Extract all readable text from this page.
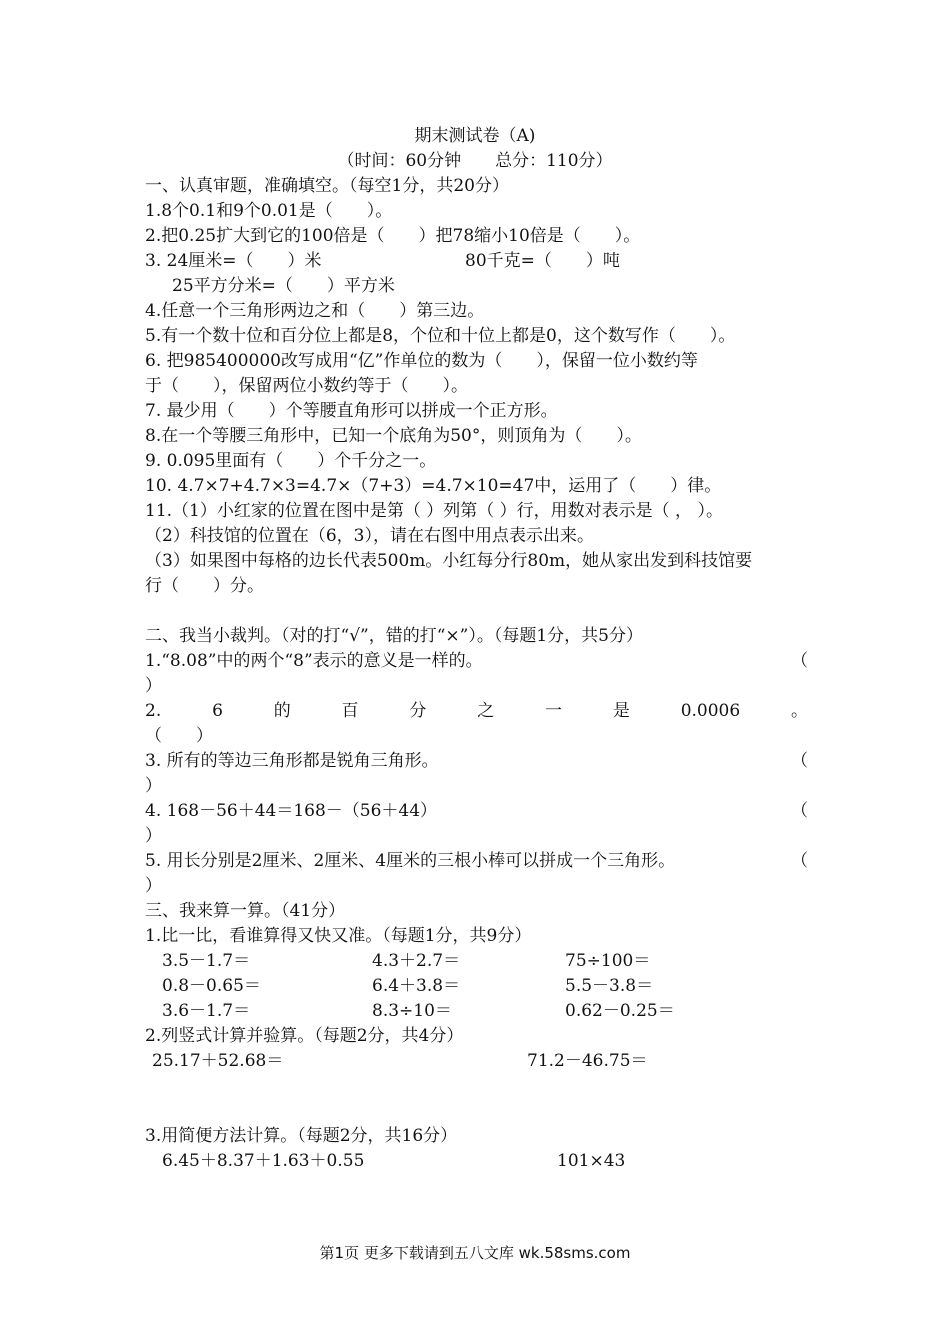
期末测试卷（A)
（时间：60分钟　　总分：110分）
一、认真审题，准确填空。（每空1分，共20分）
1.8个0.1和9个0.01是（　　）。
2.把0.25扩大到它的100倍是（　　）把78缩小10倍是（　　）。
3. 24厘米=（　　）米	80千克=（　　）吨
25平方分米=（　　）平方米
4.任意一个三角形两边之和（　　）第三边。
5.有一个数十位和百分位上都是8，个位和十位上都是0，这个数写作（　　）。
6. 把985400000改写成用“亿”作单位的数为（　　），保留一位小数约等
于（　　），保留两位小数约等于（　　）。
7. 最少用（　　）个等腰直角形可以拼成一个正方形。
8.在一个等腰三角形中，已知一个底角为50°，则顶角为（　　）。
9. 0.095里面有（　　）个千分之一。
10. 4.7×7+4.7×3=4.7×（7+3）=4.7×10=47中，运用了（　　）律。
11.（1）小红家的位置在图中是第（ ）列第（ ）行，用数对表示是（ ， ）。
（2）科技馆的位置在（6，3），请在右图中用点表示出来。
（3）如果图中每格的边长代表500m。小红每分行80m，她从家出发到科技馆要
行（　　）分。
二、我当小裁判。（对的打“√”，错的打“×”）。（每题1分，共5分）
1.“8.08”中的两个“8”表示的意义是一样的。	（
）
2.	6	的	百	分	之	一	是	0.0006	。
（　　）
3. 所有的等边三角形都是锐角三角形。	（
）
4. 168－56＋44＝168－（56＋44）	（
）
5. 用长分别是2厘米、2厘米、4厘米的三根小棒可以拼成一个三角形。	（
）
三、我来算一算。（41分）
1.比一比，看谁算得又快又准。（每题1分，共9分）
3.5－1.7＝	4.3＋2.7＝	75÷100＝
0.8－0.65＝	6.4＋3.8＝	5.5－3.8＝
3.6－1.7＝	8.3÷10＝	0.62－0.25＝
2.列竖式计算并验算。（每题2分，共4分）
25.17＋52.68＝	71.2－46.75＝
3.用简便方法计算。（每题2分，共16分）
6.45＋8.37＋1.63＋0.55	101×43
第1页 更多下载请到五八文库 wk.58sms.com
